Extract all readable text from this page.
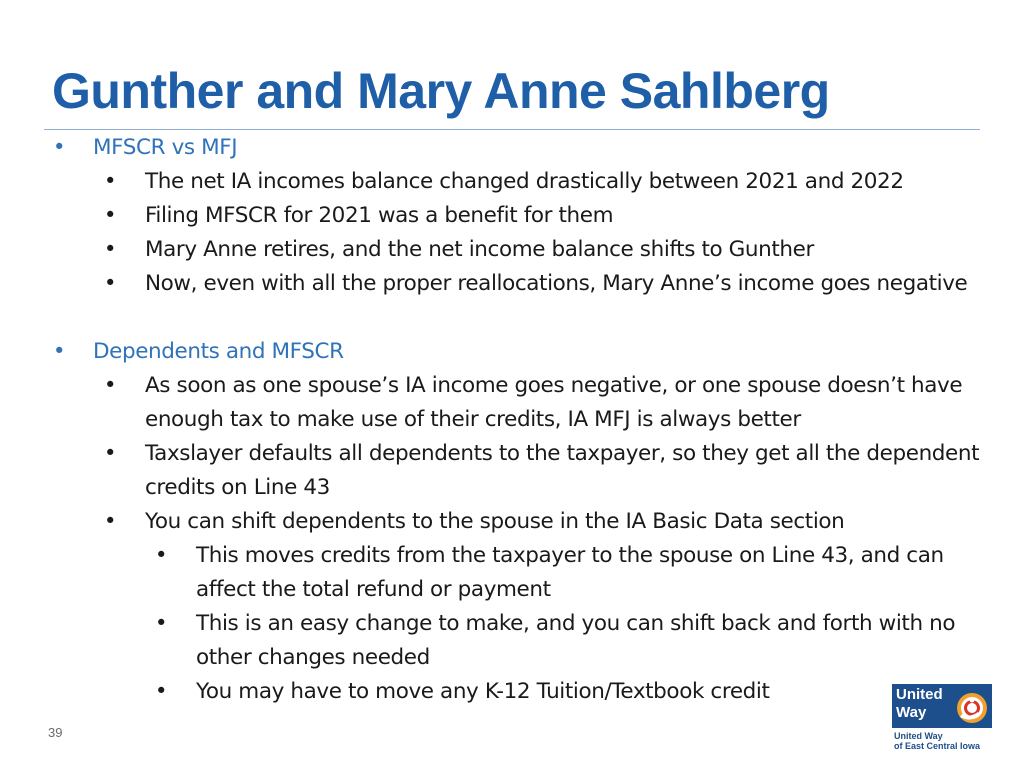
Gunther and Mary Anne Sahlberg
• MFSCR vs MFJ
• The net IA incomes balance changed drastically between 2021 and 2022
• Filing MFSCR for 2021 was a benefit for them
• Mary Anne retires, and the net income balance shifts to Gunther
• Now, even with all the proper reallocations, Mary Anne’s income goes negative
• Dependents and MFSCR
• As soon as one spouse’s IA income goes negative, or one spouse doesn’t have enough tax to make use of their credits, IA MFJ is always better
• Taxslayer defaults all dependents to the taxpayer, so they get all the dependent credits on Line 43
• You can shift dependents to the spouse in the IA Basic Data section
• This moves credits from the taxpayer to the spouse on Line 43, and can affect the total refund or payment
• This is an easy change to make, and you can shift back and forth with no other changes needed
• You may have to move any K-12 Tuition/Textbook credit
39
United
Way
United Way
of East Central Iowa
